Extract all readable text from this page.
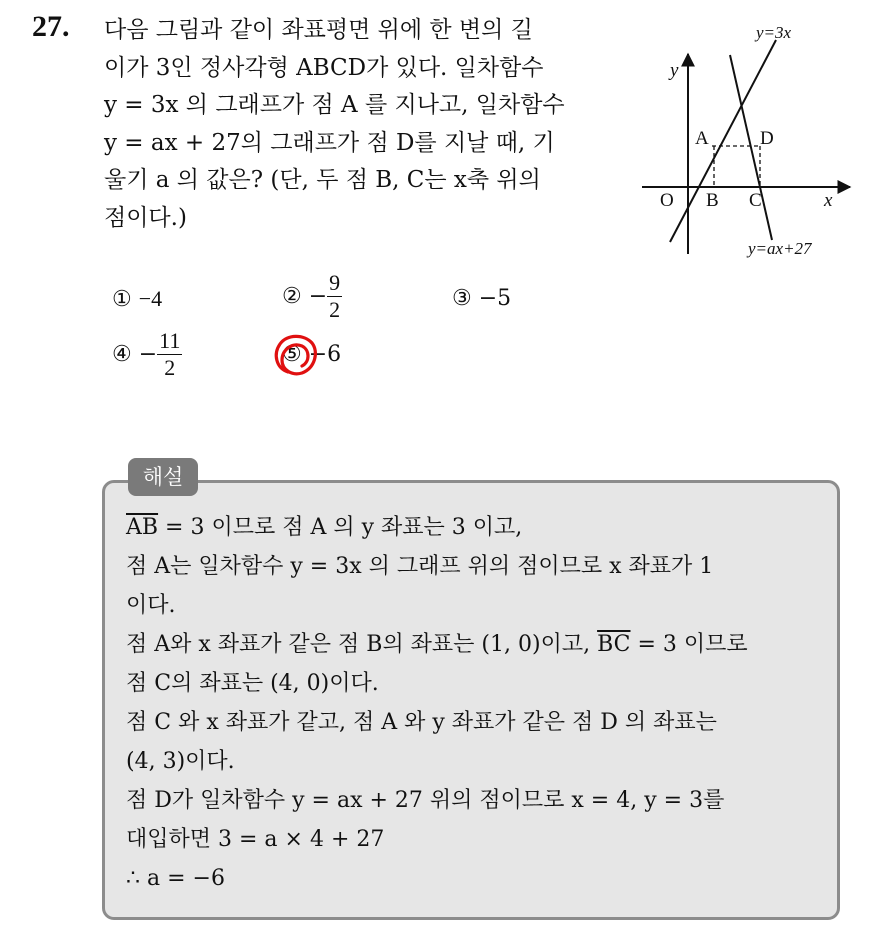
27. 다음 그림과 같이 좌표평면 위에 한 변의 길
이가 3인 정사각형 ABCD가 있다. 일차함수
y = 3x 의 그래프가 점 A 를 지나고, 일차함수
y = ax + 27의 그래프가 점 D를 지날 때, 기
울기 a 의 값은? (단, 두 점 B, C는 x축 위의
점이다.)
y=3x
y
A	D
O B C	x
y=ax+27
① −4	② − $\frac{9}{2}$	③ −5
④ − $\frac{11}{2}$	⑤ −6
해설
$\overline{AB} = 3$ 이므로 점 A 의 y 좌표는 3 이고,
점 A는 일차함수 y = 3x 의 그래프 위의 점이므로 x 좌표가 1
이다.
점 A와 x 좌표가 같은 점 B의 좌표는 (1, 0)이고, $\overline{BC} = 3$ 이므로
점 C의 좌표는 (4, 0)이다.
점 C 와 x 좌표가 같고, 점 A 와 y 좌표가 같은 점 D 의 좌표는
(4, 3)이다.
점 D가 일차함수 y = ax + 27 위의 점이므로 x = 4, y = 3를
대입하면 3 = a × 4 + 27
∴ a = −6
